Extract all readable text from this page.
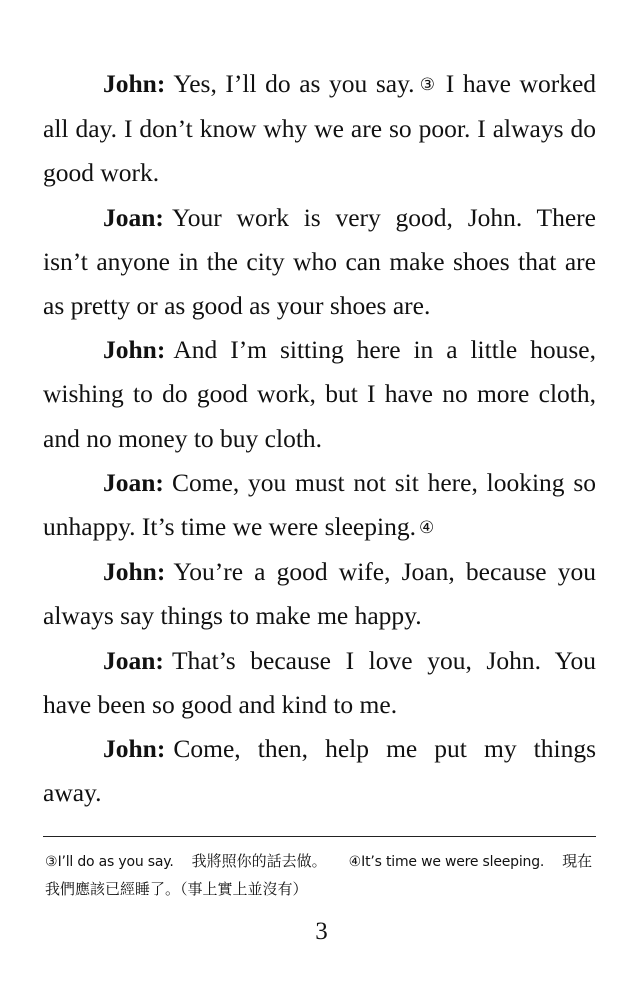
John: Yes, I’ll do as you say. ③ I have worked all day. I don’t know why we are so poor. I always do good work.

Joan: Your work is very good, John. There isn’t anyone in the city who can make shoes that are as pretty or as good as your shoes are.

John: And I’m sitting here in a little house, wishing to do good work, but I have no more cloth, and no money to buy cloth.

Joan: Come, you must not sit here, looking so unhappy. It’s time we were sleeping. ④

John: You’re a good wife, Joan, because you always say things to make me happy.

Joan: That’s because I love you, John. You have been so good and kind to me.

John: Come, then, help me put my things away.

③I’ll do as you say. 我將照你的話去做。 ④It’s time we were sleeping. 現在我們應該已經睡了。（事上實上並沒有）
3
